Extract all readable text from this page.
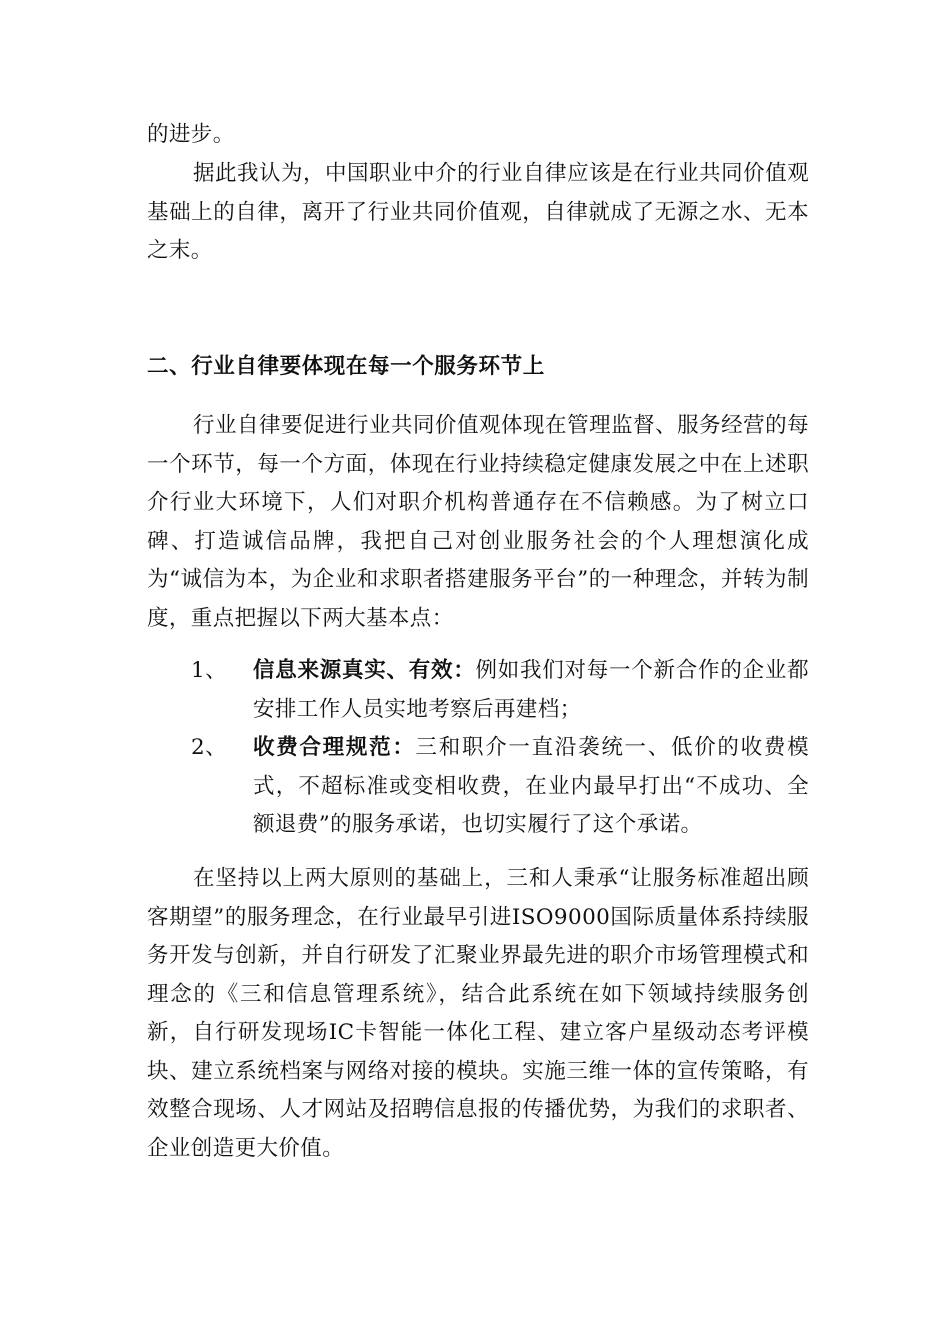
的进步。

据此我认为，中国职业中介的行业自律应该是在行业共同价值观基础上的自律，离开了行业共同价值观，自律就成了无源之水、无本之末。

二、行业自律要体现在每一个服务环节上

行业自律要促进行业共同价值观体现在管理监督、服务经营的每一个环节，每一个方面，体现在行业持续稳定健康发展之中在上述职介行业大环境下，人们对职介机构普通存在不信赖感。为了树立口碑、打造诚信品牌，我把自己对创业服务社会的个人理想演化成为“诚信为本，为企业和求职者搭建服务平台”的一种理念，并转为制度，重点把握以下两大基本点：

1、 信息来源真实、有效：例如我们对每一个新合作的企业都安排工作人员实地考察后再建档；
2、 收费合理规范：三和职介一直沿袭统一、低价的收费模式，不超标准或变相收费，在业内最早打出“不成功、全额退费”的服务承诺，也切实履行了这个承诺。

在坚持以上两大原则的基础上，三和人秉承“让服务标准超出顾客期望”的服务理念，在行业最早引进ISO9000国际质量体系持续服务开发与创新，并自行研发了汇聚业界最先进的职介市场管理模式和理念的《三和信息管理系统》，结合此系统在如下领域持续服务创新，自行研发现场IC卡智能一体化工程、建立客户星级动态考评模块、建立系统档案与网络对接的模块。实施三维一体的宣传策略，有效整合现场、人才网站及招聘信息报的传播优势，为我们的求职者、企业创造更大价值。
